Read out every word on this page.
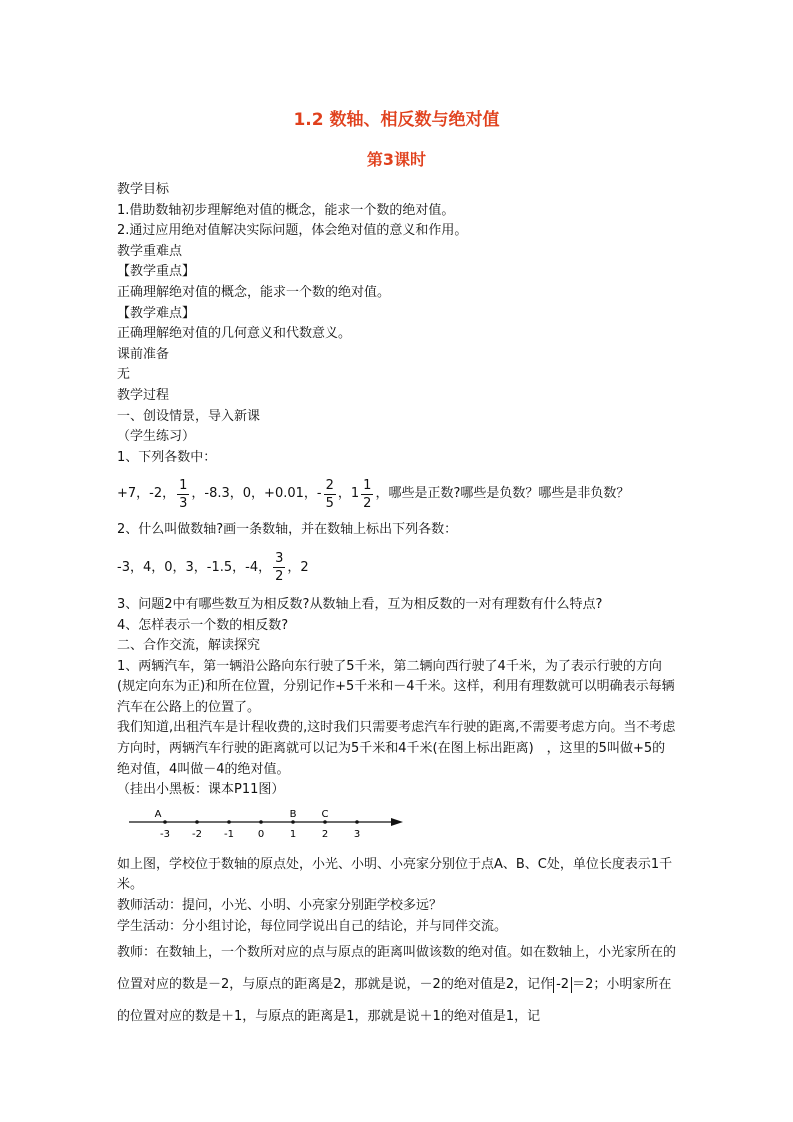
1.2 数轴、相反数与绝对值
第3课时
教学目标
1.借助数轴初步理解绝对值的概念，能求一个数的绝对值。
2.通过应用绝对值解决实际问题，体会绝对值的意义和作用。
教学重难点
【教学重点】
正确理解绝对值的概念，能求一个数的绝对值。
【教学难点】
正确理解绝对值的几何意义和代数意义。
课前准备
无
教学过程
一、创设情景，导入新课
（学生练习）
1、下列各数中：
+7，-2， $\frac{1}{3}$ ，-8.3，0，+0.01，- $\frac{2}{5}$ ， $1 \frac{1}{2}$ ，哪些是正数?哪些是负数？哪些是非负数？
2、什么叫做数轴?画一条数轴，并在数轴上标出下列各数：
-3，4，0，3，-1.5，-4， $\frac{3}{2}$ ，2
3、问题2中有哪些数互为相反数?从数轴上看，互为相反数的一对有理数有什么特点?
4、怎样表示一个数的相反数?
二、合作交流，解读探究
1、两辆汽车，第一辆沿公路向东行驶了5千米，第二辆向西行驶了4千米，为了表示行驶的方向(规定向东为正)和所在位置，分别记作+5千米和－4千米。这样，利用有理数就可以明确表示每辆汽车在公路上的位置了。
我们知道,出租汽车是计程收费的,这时我们只需要考虑汽车行驶的距离,不需要考虑方向。当不考虑方向时，两辆汽车行驶的距离就可以记为5千米和4千米(在图上标出距离)　，这里的5叫做+5的绝对值，4叫做－4的绝对值。
（挂出小黑板：课本P11图）
-3 -2 -1 0	1	2	3
A	B	C
如上图，学校位于数轴的原点处，小光、小明、小亮家分别位于点A、B、C处，单位长度表示1千米。
教师活动：提问，小光、小明、小亮家分别距学校多远？
学生活动：分小组讨论，每位同学说出自己的结论，并与同伴交流。
教师：在数轴上，一个数所对应的点与原点的距离叫做该数的绝对值。如在数轴上，小光家所在的位置对应的数是－2，与原点的距离是2，那就是说，－2的绝对值是2，记作 -2 ＝2；小明家所在的位置对应的数是＋1，与原点的距离是1，那就是说＋1的绝对值是1，记
